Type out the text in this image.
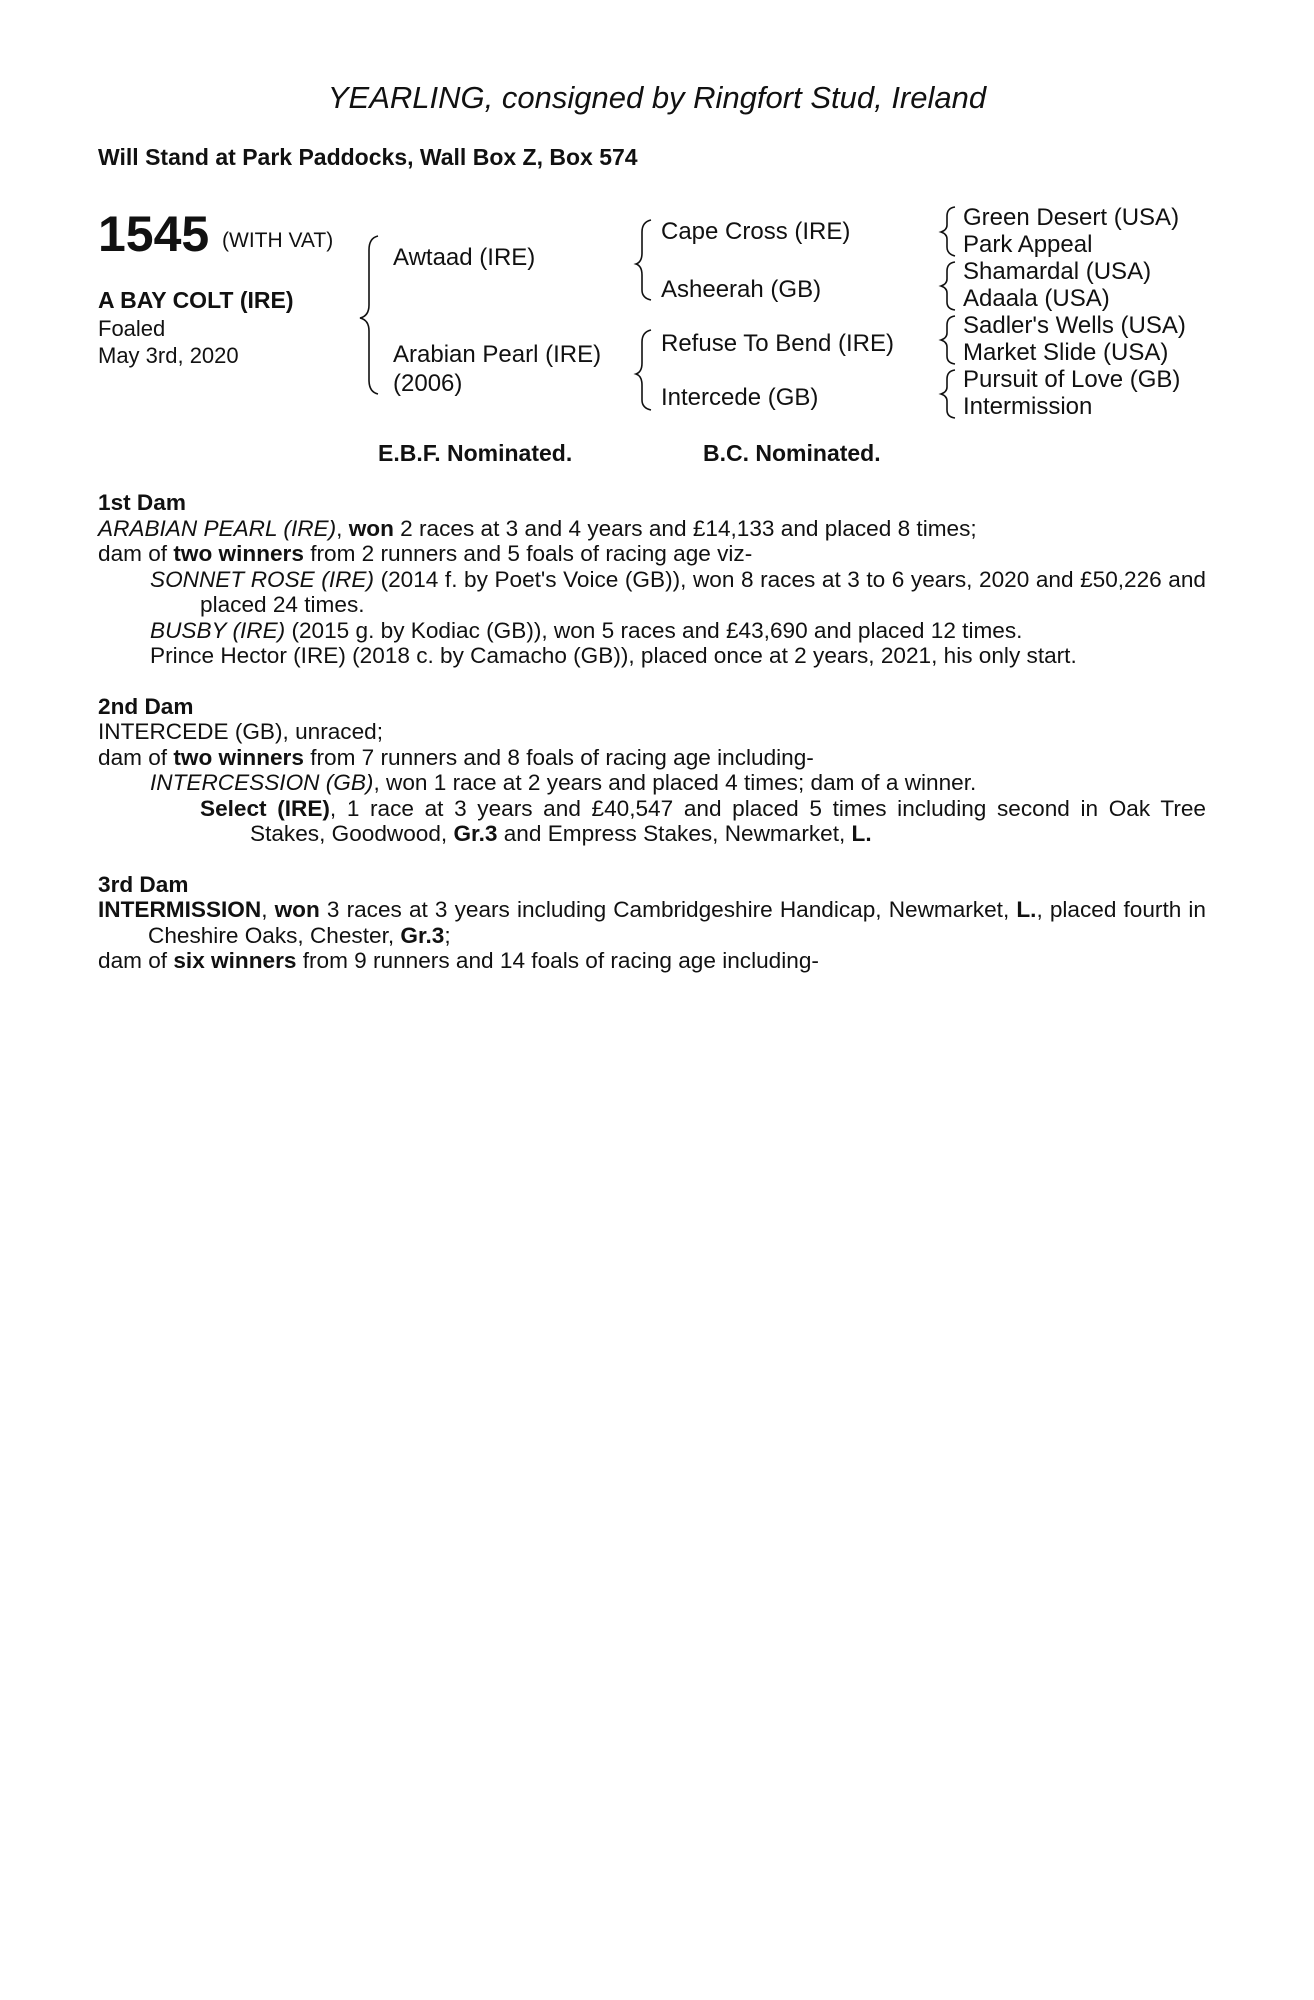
YEARLING, consigned by Ringfort Stud, Ireland
Will Stand at Park Paddocks, Wall Box Z, Box 574
1545 (WITH VAT)
A BAY COLT (IRE)
Foaled
May 3rd, 2020
Awtaad (IRE)
Arabian Pearl (IRE)
(2006)
Cape Cross (IRE)
Asheerah (GB)
Refuse To Bend (IRE)
Intercede (GB)
Green Desert (USA)
Park Appeal
Shamardal (USA)
Adaala (USA)
Sadler's Wells (USA)
Market Slide (USA)
Pursuit of Love (GB)
Intermission
E.B.F. Nominated.	B.C. Nominated.

1st Dam

ARABIAN PEARL (IRE), won 2 races at 3 and 4 years and £14,133 and placed 8 times;

dam of two winners from 2 runners and 5 foals of racing age viz-

SONNET ROSE (IRE) (2014 f. by Poet's Voice (GB)), won 8 races at 3 to 6 years, 2020 and £50,226 and placed 24 times.

BUSBY (IRE) (2015 g. by Kodiac (GB)), won 5 races and £43,690 and placed 12 times.

Prince Hector (IRE) (2018 c. by Camacho (GB)), placed once at 2 years, 2021, his only start.

2nd Dam

INTERCEDE (GB), unraced;

dam of two winners from 7 runners and 8 foals of racing age including-

INTERCESSION (GB), won 1 race at 2 years and placed 4 times; dam of a winner.

Select (IRE), 1 race at 3 years and £40,547 and placed 5 times including second in Oak Tree Stakes, Goodwood, Gr.3 and Empress Stakes, Newmarket, L.

3rd Dam

INTERMISSION, won 3 races at 3 years including Cambridgeshire Handicap, Newmarket, L., placed fourth in Cheshire Oaks, Chester, Gr.3;

dam of six winners from 9 runners and 14 foals of racing age including-
